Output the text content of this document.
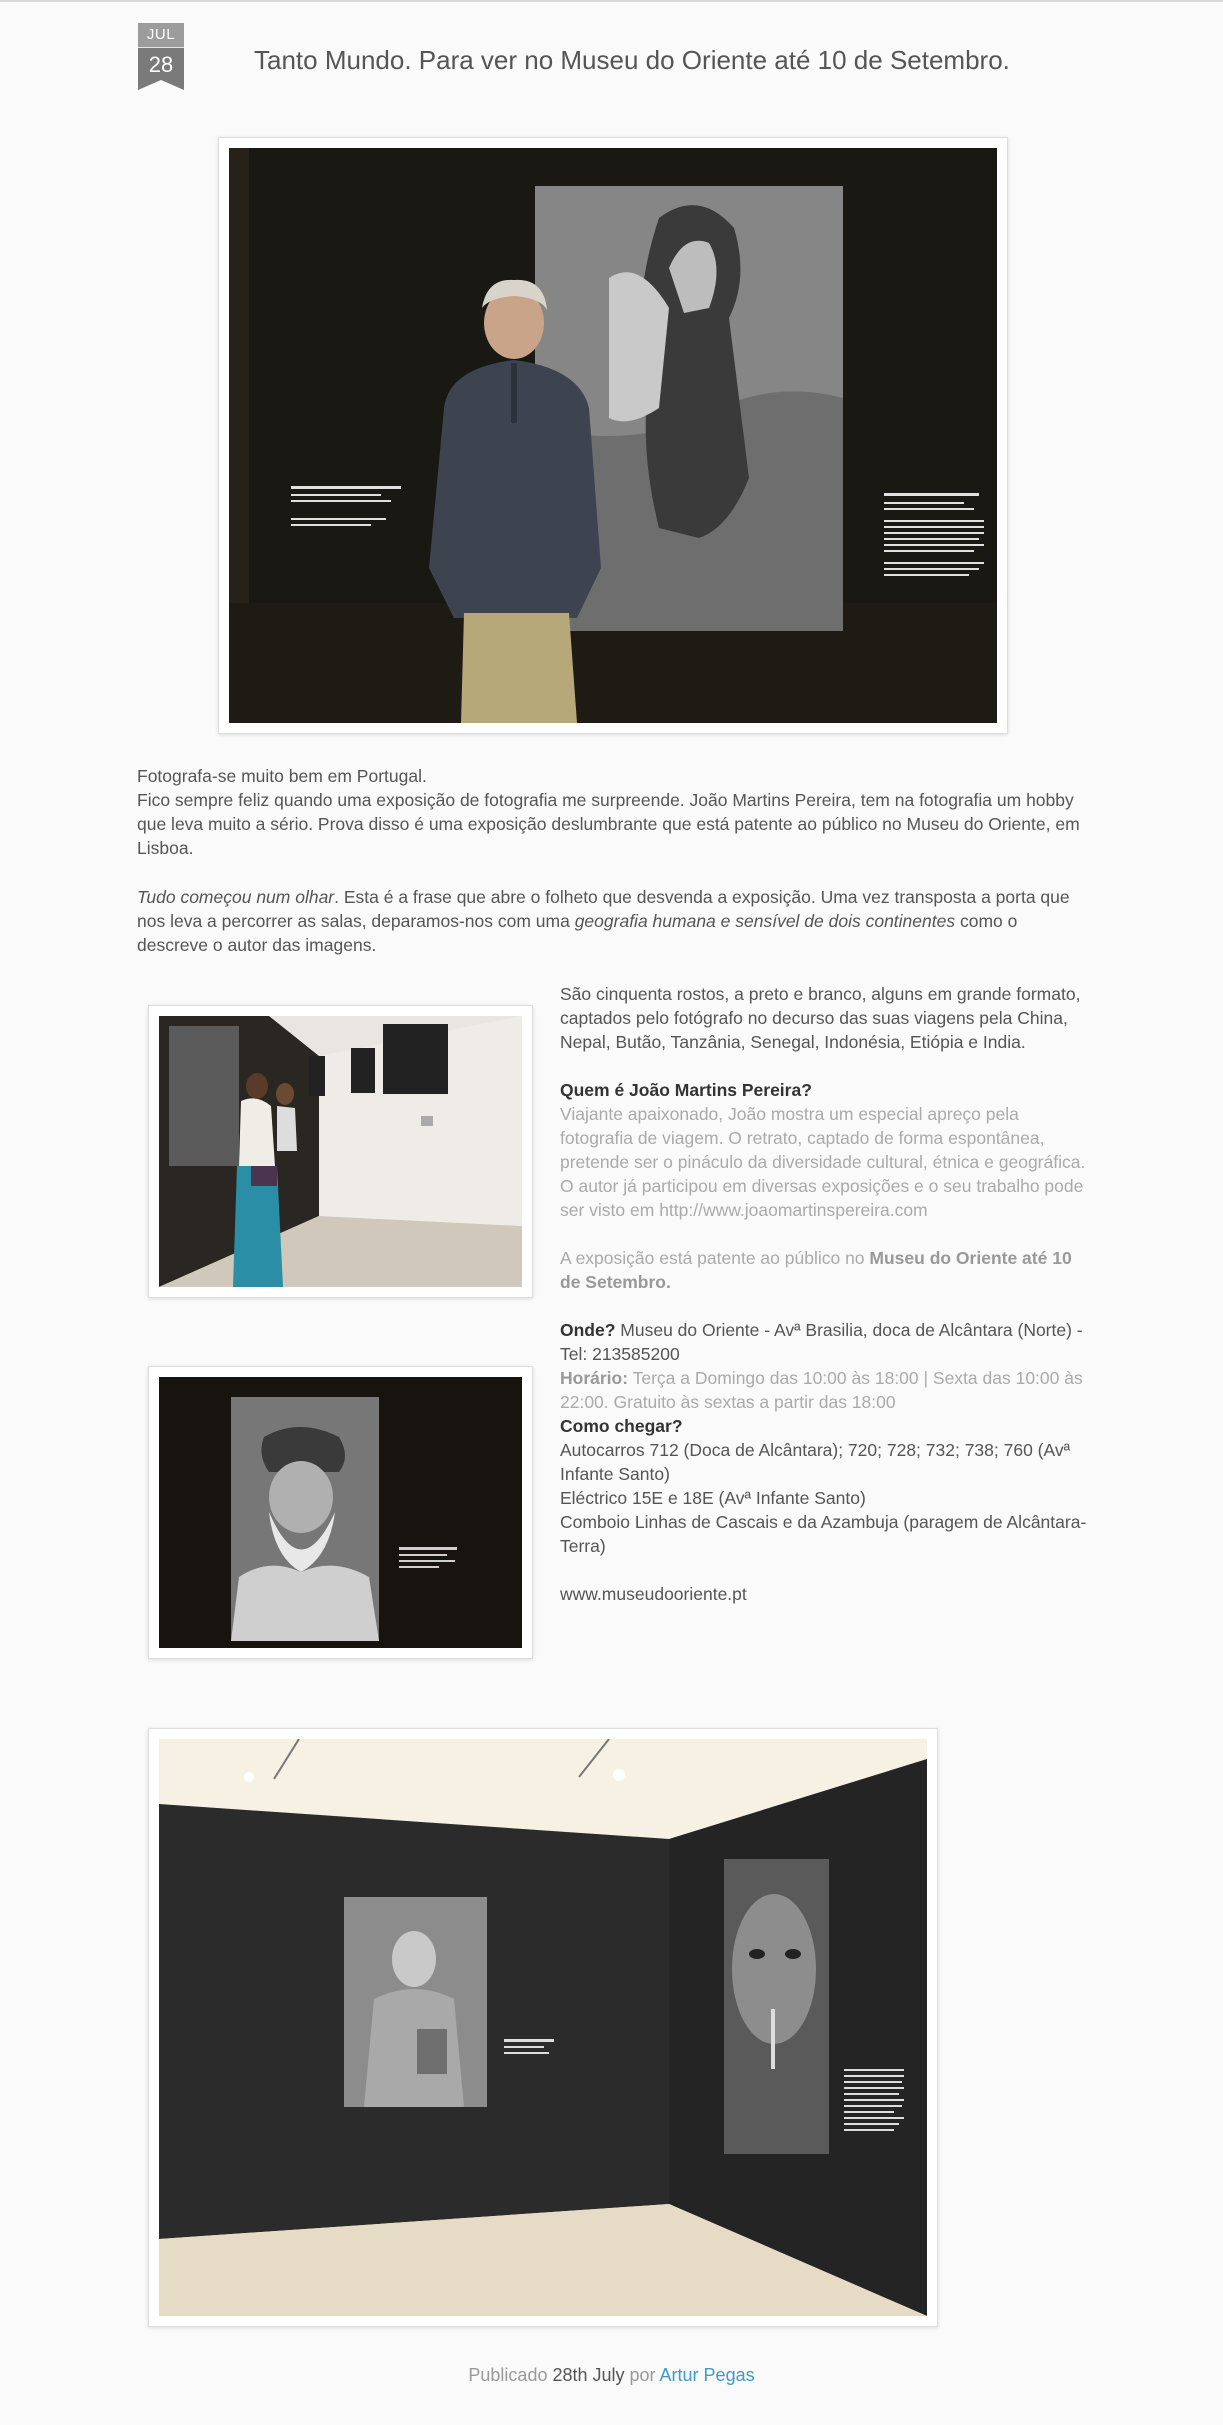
JUL
28	Tanto Mundo. Para ver no Museu do Oriente até 10 de Setembro.

Fotografa-se muito bem em Portugal.

Fico sempre feliz quando uma exposição de fotografia me surpreende. João Martins Pereira, tem na fotografia um hobby que leva muito a sério. Prova disso é uma exposição deslumbrante que está patente ao público no Museu do Oriente, em Lisboa.

Tudo começou num olhar. Esta é a frase que abre o folheto que desvenda a exposição. Uma vez transposta a porta que nos leva a percorrer as salas, deparamos-nos com uma geografia humana e sensível de dois continentes como o descreve o autor das imagens.

São cinquenta rostos, a preto e branco, alguns em grande formato, captados pelo fotógrafo no decurso das suas viagens pela China, Nepal, Butão, Tanzânia, Senegal, Indonésia, Etiópia e India.

Quem é João Martins Pereira?

Viajante apaixonado, João mostra um especial apreço pela fotografia de viagem. O retrato, captado de forma espontânea, pretende ser o pináculo da diversidade cultural, étnica e geográfica.

O autor já participou em diversas exposições e o seu trabalho pode ser visto em http://www.joaomartinspereira.com

A exposição está patente ao público no Museu do Oriente até 10 de Setembro.

Onde? Museu do Oriente - Avª Brasilia, doca de Alcântara (Norte) - Tel: 213585200

Horário: Terça a Domingo das 10:00 às 18:00 | Sexta das 10:00 às 22:00. Gratuito às sextas a partir das 18:00

Como chegar?

Autocarros 712 (Doca de Alcântara); 720; 728; 732; 738; 760 (Avª Infante Santo)

Eléctrico 15E e 18E (Avª Infante Santo)

Comboio Linhas de Cascais e da Azambuja (paragem de Alcântara-Terra)

www.museudooriente.pt

Publicado 28th July por Artur Pegas
